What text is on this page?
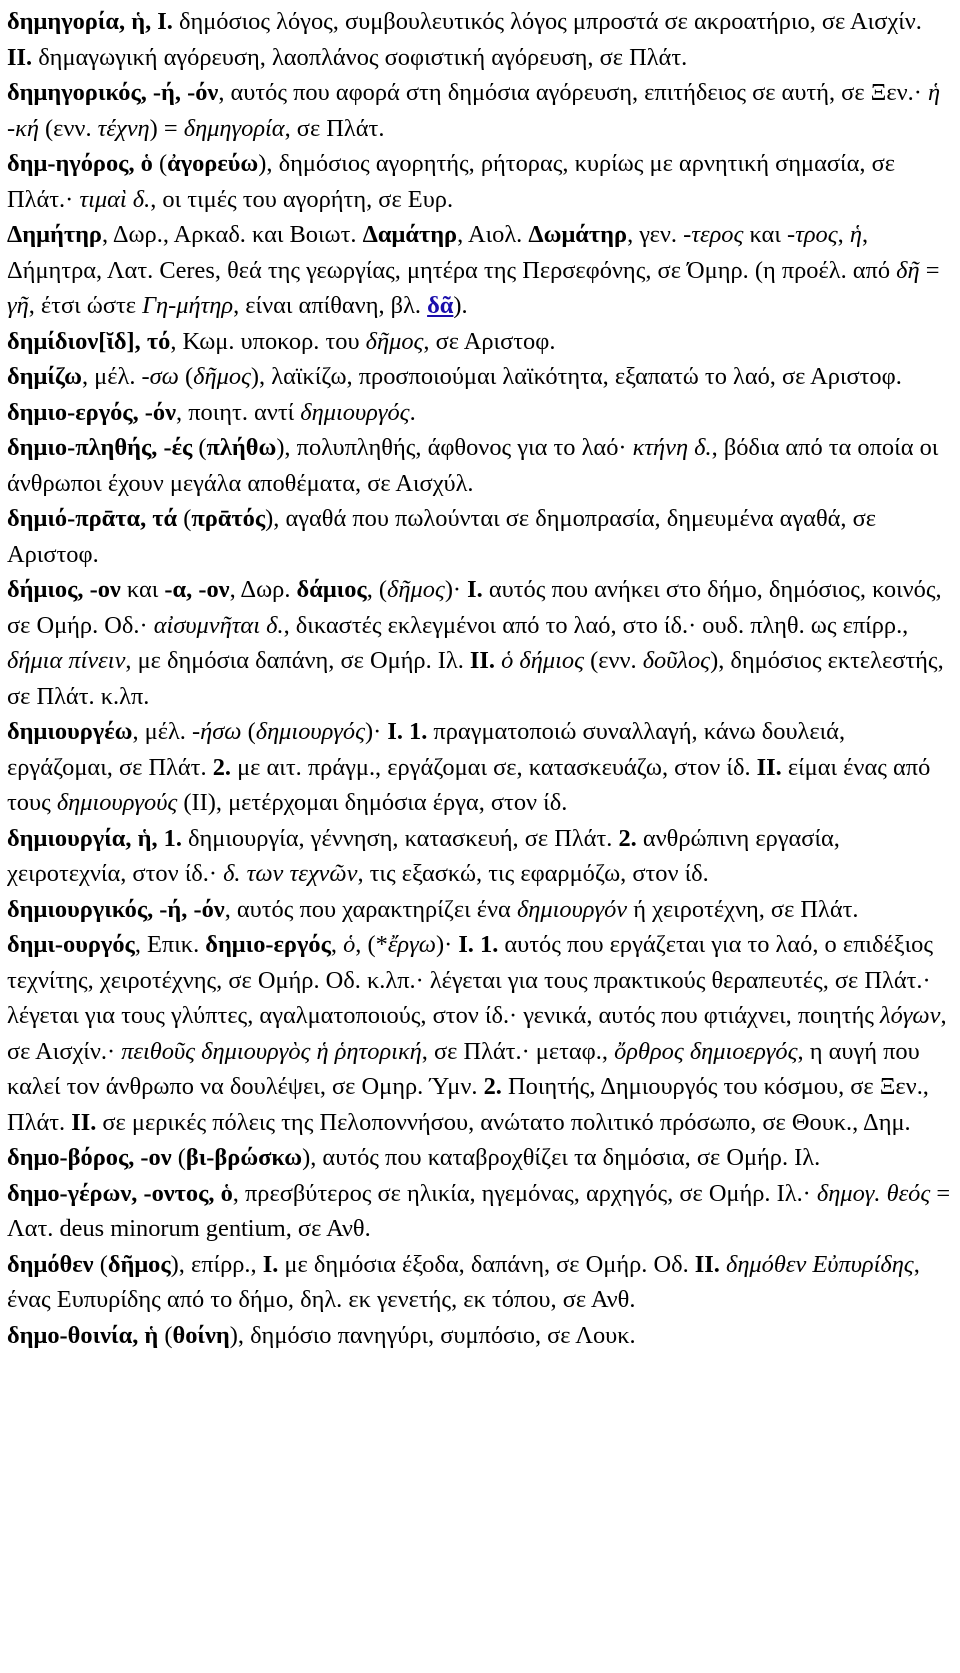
δημηγορία, ἡ, I. δημόσιος λόγος, συμβουλευτικός λόγος μπροστά σε ακροατήριο, σε Αισχίν. II. δημαγωγική αγόρευση, λαοπλάνος σοφιστική αγόρευση, σε Πλάτ.

δημηγορικός, -ή, -όν, αυτός που αφορά στη δημόσια αγόρευση, επιτήδειος σε αυτή, σε Ξεν.· ἡ -κή (ενν. τέχνη) = δημηγορία, σε Πλάτ.

δημ-ηγόρος, ὁ (ἀγορεύω), δημόσιος αγορητής, ρήτορας, κυρίως με αρνητική σημασία, σε Πλάτ.· τιμαὶ δ., οι τιμές του αγορήτη, σε Ευρ.

Δημήτηρ, Δωρ., Αρκαδ. και Βοιωτ. Δαμάτηρ, Αιολ. Δωμάτηρ, γεν. -τερος και -τρος, ἡ, Δήμητρα, Λατ. Ceres, θεά της γεωργίας, μητέρα της Περσεφόνης, σε Όμηρ. (η προέλ. από δῆ = γῆ, έτσι ώστε Γη-μήτηρ, είναι απίθανη, βλ. δᾶ).

δημίδιον[ῐδ], τό, Κωμ. υποκορ. του δῆμος, σε Αριστοφ.

δημίζω, μέλ. -σω (δῆμος), λαϊκίζω, προσποιούμαι λαϊκότητα, εξαπατώ το λαό, σε Αριστοφ.

δημιο-εργός, -όν, ποιητ. αντί δημιουργός.

δημιο-πληθής, -ές (πλήθω), πολυπληθής, άφθονος για το λαό· κτήνη δ., βόδια από τα οποία οι άνθρωποι έχουν μεγάλα αποθέματα, σε Αισχύλ.

δημιό-πρᾱτα, τά (πρᾱτός), αγαθά που πωλούνται σε δημοπρασία, δημευμένα αγαθά, σε Αριστοφ.

δήμιος, -ον και -α, -ον, Δωρ. δάμιος, (δῆμος)· I. αυτός που ανήκει στο δήμο, δημόσιος, κοινός, σε Ομήρ. Οδ.· αἰσυμνῆται δ., δικαστές εκλεγμένοι από το λαό, στο ίδ.· ουδ. πληθ. ως επίρρ., δήμια πίνειν, με δημόσια δαπάνη, σε Ομήρ. Ιλ. II. ὁ δήμιος (ενν. δοῦλος), δημόσιος εκτελεστής, σε Πλάτ. κ.λπ.

δημιουργέω, μέλ. -ήσω (δημιουργός)· I. 1. πραγματοποιώ συναλλαγή, κάνω δουλειά, εργάζομαι, σε Πλάτ. 2. με αιτ. πράγμ., εργάζομαι σε, κατασκευάζω, στον ίδ. II. είμαι ένας από τους δημιουργούς (II), μετέρχομαι δημόσια έργα, στον ίδ.

δημιουργία, ἡ, 1. δημιουργία, γέννηση, κατασκευή, σε Πλάτ. 2. ανθρώπινη εργασία, χειροτεχνία, στον ίδ.· δ. των τεχνῶν, τις εξασκώ, τις εφαρμόζω, στον ίδ.

δημιουργικός, -ή, -όν, αυτός που χαρακτηρίζει ένα δημιουργόν ή χειροτέχνη, σε Πλάτ.

δημι-ουργός, Επικ. δημιο-εργός, ὁ, (*ἔργω)· I. 1. αυτός που εργάζεται για το λαό, ο επιδέξιος τεχνίτης, χειροτέχνης, σε Ομήρ. Οδ. κ.λπ.· λέγεται για τους πρακτικούς θεραπευτές, σε Πλάτ.· λέγεται για τους γλύπτες, αγαλματοποιούς, στον ίδ.· γενικά, αυτός που φτιάχνει, ποιητής λόγων, σε Αισχίν.· πειθοῦς δημιουργὸς ἡ ῥητορική, σε Πλάτ.· μεταφ., ὄρθρος δημιοεργός, η αυγή που καλεί τον άνθρωπο να δουλέψει, σε Ομηρ. Ύμν. 2. Ποιητής, Δημιουργός του κόσμου, σε Ξεν., Πλάτ. II. σε μερικές πόλεις της Πελοποννήσου, ανώτατο πολιτικό πρόσωπο, σε Θουκ., Δημ.

δημο-βόρος, -ον (βι-βρώσκω), αυτός που καταβροχθίζει τα δημόσια, σε Ομήρ. Ιλ.

δημο-γέρων, -οντος, ὁ, πρεσβύτερος σε ηλικία, ηγεμόνας, αρχηγός, σε Ομήρ. Ιλ.· δημογ. θεός = Λατ. deus minorum gentium, σε Ανθ.

δημόθεν (δῆμος), επίρρ., I. με δημόσια έξοδα, δαπάνη, σε Ομήρ. Οδ. II. δημόθεν Εὐπυρίδης, ένας Ευπυρίδης από το δήμο, δηλ. εκ γενετής, εκ τόπου, σε Ανθ.

δημο-θοινία, ἡ (θοίνη), δημόσιο πανηγύρι, συμπόσιο, σε Λουκ.
